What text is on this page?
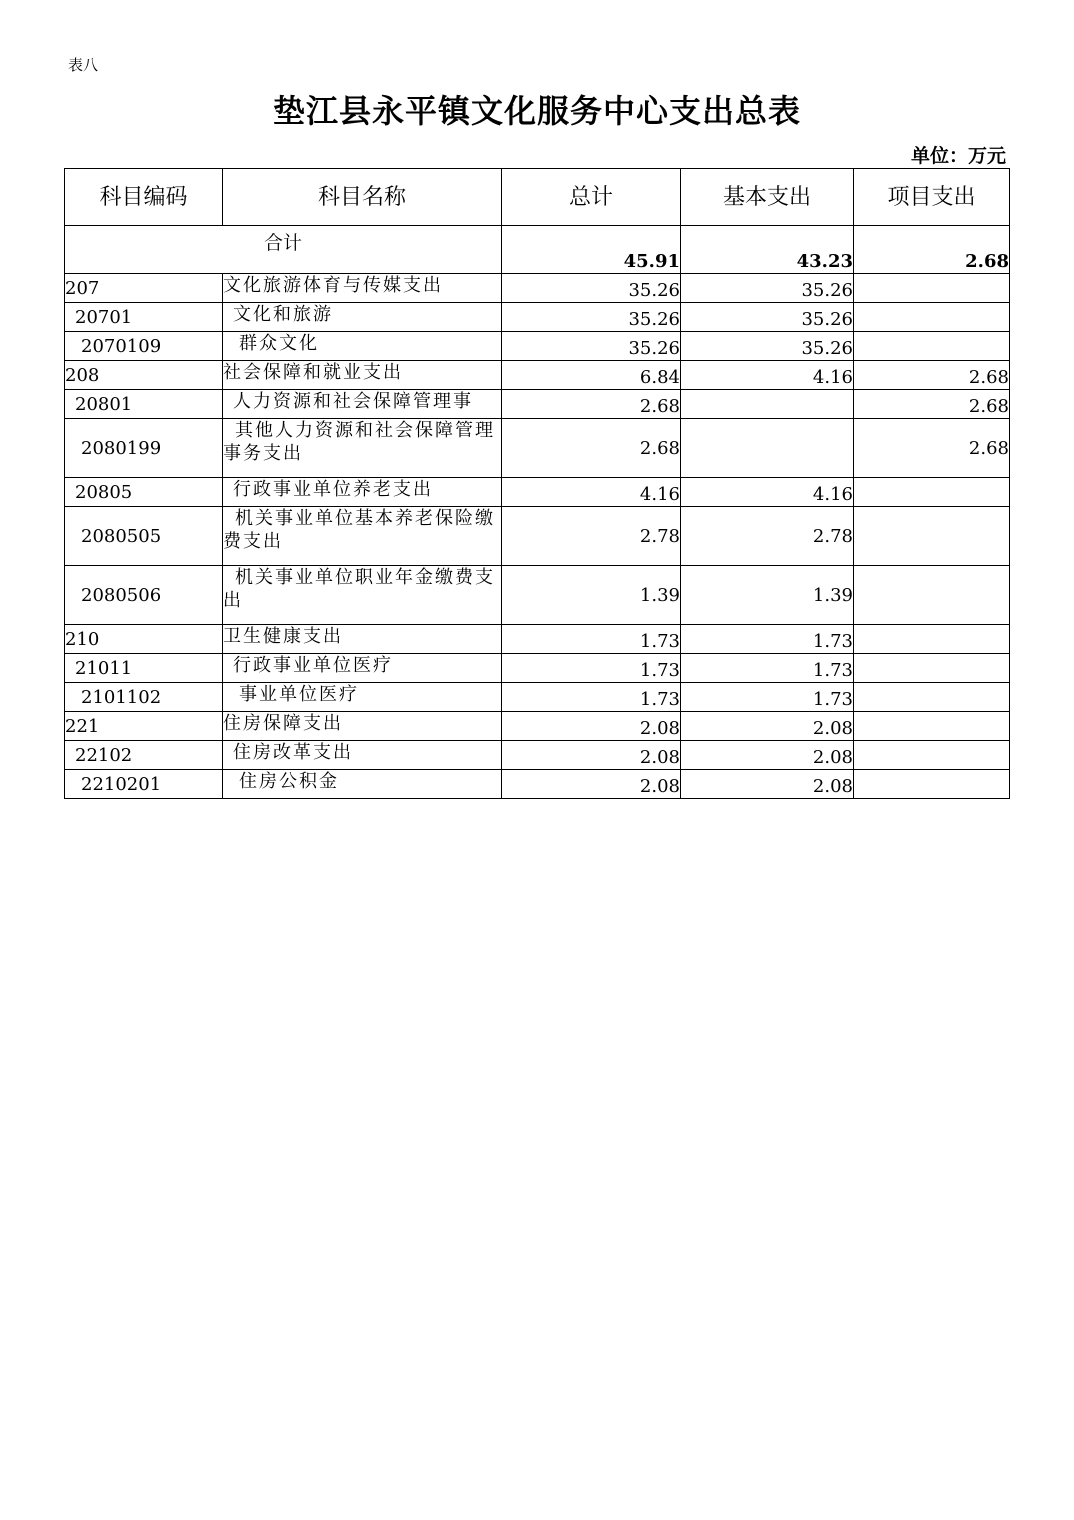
表八
垫江县永平镇文化服务中心支出总表
单位：万元
科目编码	科目名称	总计	基本支出	项目支出
合计		45.91	43.23	2.68
207	文化旅游体育与传媒支出	35.26	35.26	
20701	文化和旅游	35.26	35.26	
2070109	群众文化	35.26	35.26	
208	社会保障和就业支出	6.84	4.16	2.68
20801	人力资源和社会保障管理事	2.68		2.68
2080199	其他人力资源和社会保障管理事务支出	2.68		2.68
20805	行政事业单位养老支出	4.16	4.16	
2080505	机关事业单位基本养老保险缴费支出	2.78	2.78	
2080506	机关事业单位职业年金缴费支出	1.39	1.39	
210	卫生健康支出	1.73	1.73	
21011	行政事业单位医疗	1.73	1.73	
2101102	事业单位医疗	1.73	1.73	
221	住房保障支出	2.08	2.08	
22102	住房改革支出	2.08	2.08	
2210201	住房公积金	2.08	2.08	
